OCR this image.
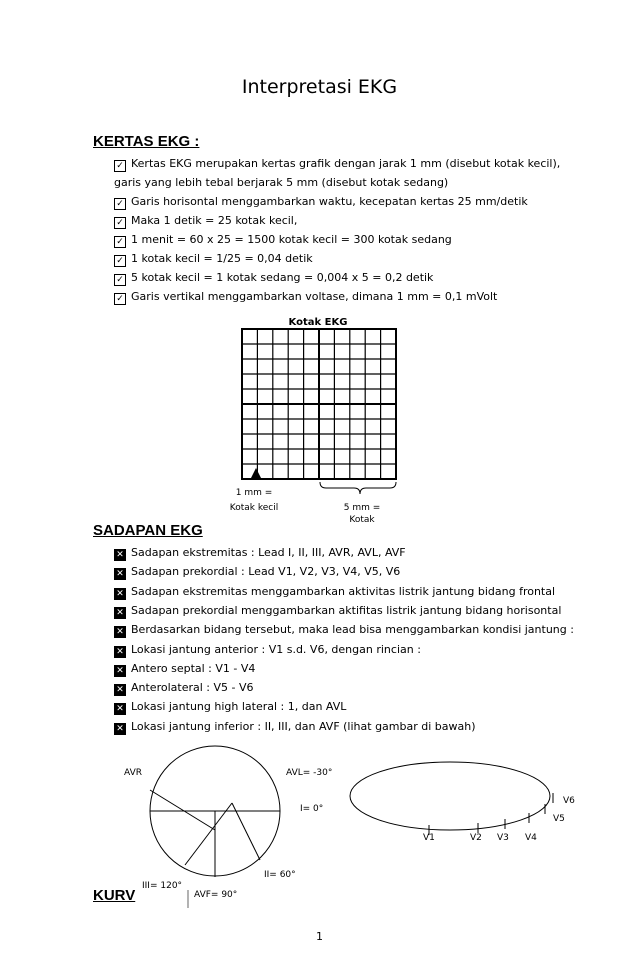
Interpretasi EKG
KERTAS EKG :
✓ Kertas EKG merupakan kertas grafik dengan jarak 1 mm (disebut kotak kecil),
garis yang lebih tebal berjarak 5 mm (disebut kotak sedang)
✓ Garis horisontal menggambarkan waktu, kecepatan kertas 25 mm/detik
✓ Maka 1 detik = 25 kotak kecil,
✓ 1 menit = 60 x 25 = 1500 kotak kecil = 300 kotak sedang
✓ 1 kotak kecil = 1/25 = 0,04 detik
✓ 5 kotak kecil = 1 kotak sedang = 0,004 x 5 = 0,2 detik
✓ Garis vertikal menggambarkan voltase, dimana 1 mm = 0,1 mVolt
Kotak EKG
1 mm =
Kotak kecil	5 mm =
Kotak
SADAPAN EKG
✕ Sadapan ekstremitas : Lead I, II, III, AVR, AVL, AVF
✕ Sadapan prekordial : Lead V1, V2, V3, V4, V5, V6
✕ Sadapan ekstremitas menggambarkan aktivitas listrik jantung bidang frontal
✕ Sadapan prekordial menggambarkan aktifitas listrik jantung bidang horisontal
✕ Berdasarkan bidang tersebut, maka lead bisa menggambarkan kondisi jantung :
✕ Lokasi jantung anterior : V1 s.d. V6, dengan rincian :
✕ Antero septal : V1 - V4
✕ Anterolateral : V5 - V6
✕ Lokasi jantung high lateral : 1, dan AVL
✕ Lokasi jantung inferior : II, III, dan AVF (lihat gambar di bawah)
AVR	AVL= -30°
I= 0°
II= 60°
III= 120°
AVF= 90°
V1	V2 V3 V4
V5
V6
KURV
1
